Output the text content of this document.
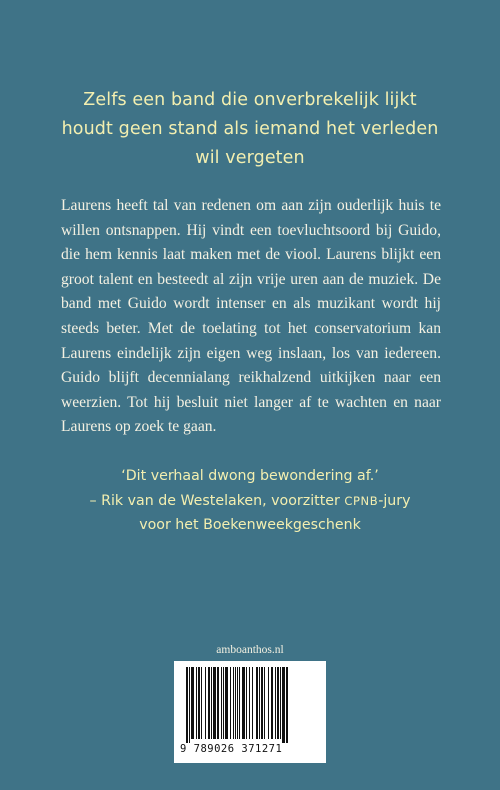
Zelfs een band die onverbrekelijk lijkt
houdt geen stand als iemand het verleden
wil vergeten
Laurens heeft tal van redenen om aan zijn ouderlijk huis te willen ontsnappen. Hij vindt een toevluchtsoord bij Guido, die hem kennis laat maken met de viool. Laurens blijkt een groot talent en besteedt al zijn vrije uren aan de muziek. De band met Guido wordt intenser en als muzikant wordt hij steeds beter. Met de toelating tot het conservatorium kan Laurens eindelijk zijn eigen weg inslaan, los van iedereen. Guido blijft decennialang reikhalzend uitkijken naar een weerzien. Tot hij besluit niet langer af te wachten en naar Laurens op zoek te gaan.
‘Dit verhaal dwong bewondering af.’
– Rik van de Westelaken, voorzitter CPNB-jury
voor het Boekenweekgeschenk
amboanthos.nl
9 789026 371271
